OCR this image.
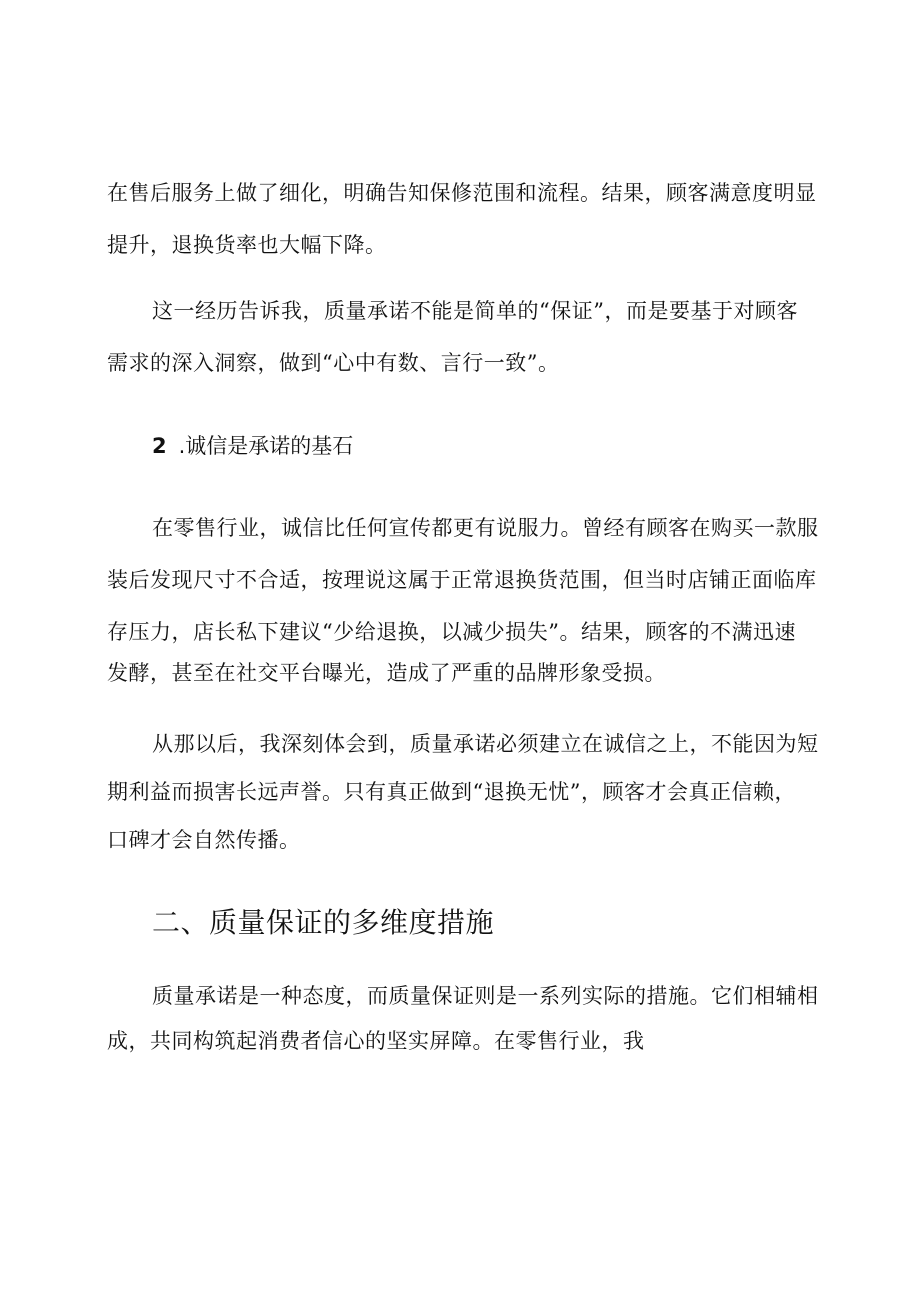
在售后服务上做了细化，明确告知保修范围和流程。结果，顾客满意度明显
提升，退换货率也大幅下降。
这一经历告诉我，质量承诺不能是简单的“保证”，而是要基于对顾客
需求的深入洞察，做到“心中有数、言行一致”。
2 .诚信是承诺的基石
在零售行业，诚信比任何宣传都更有说服力。曾经有顾客在购买一款服
装后发现尺寸不合适，按理说这属于正常退换货范围，但当时店铺正面临库
存压力，店长私下建议“少给退换，以减少损失”。结果，顾客的不满迅速
发酵，甚至在社交平台曝光，造成了严重的品牌形象受损。
从那以后，我深刻体会到，质量承诺必须建立在诚信之上，不能因为短
期利益而损害长远声誉。只有真正做到“退换无忧”，顾客才会真正信赖，
口碑才会自然传播。
二、质量保证的多维度措施
质量承诺是一种态度，而质量保证则是一系列实际的措施。它们相辅相
成，共同构筑起消费者信心的坚实屏障。在零售行业，我
